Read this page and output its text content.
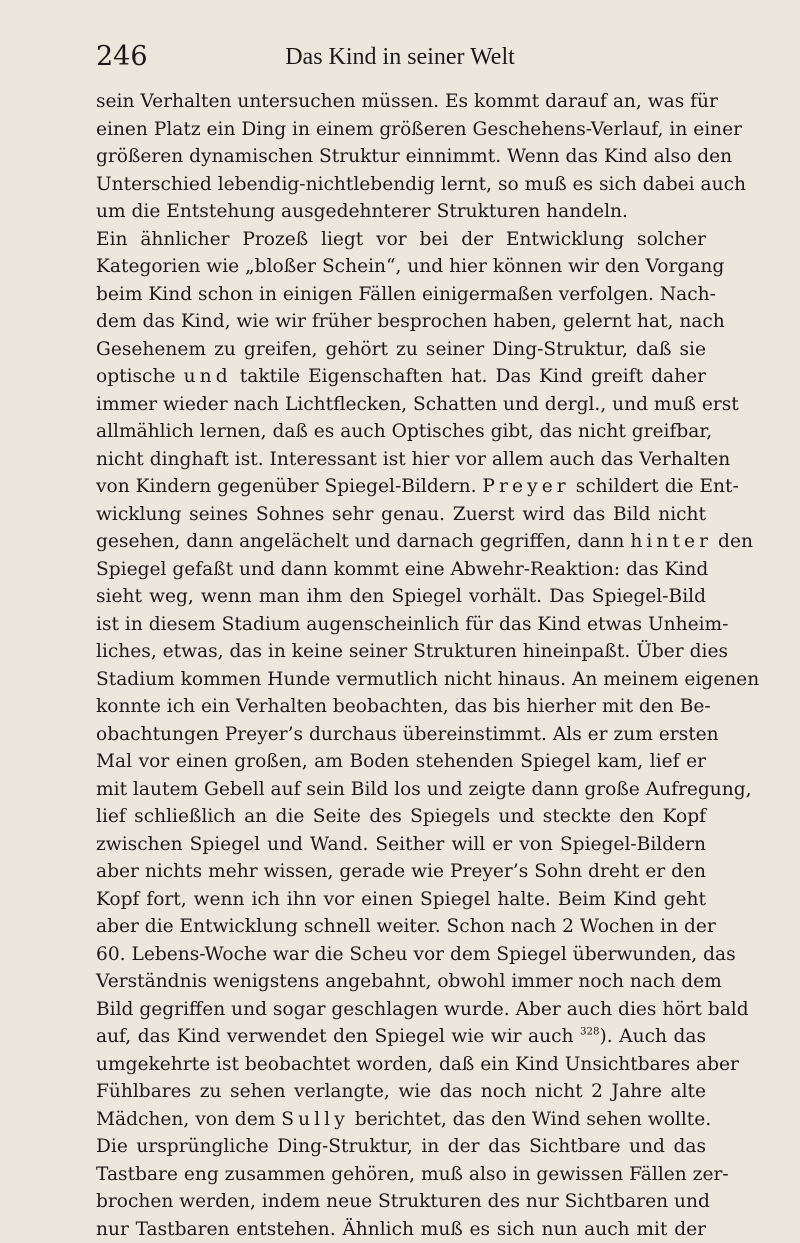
246	Das Kind in seiner Welt
sein Verhalten untersuchen müssen. Es kommt darauf an, was für
einen Platz ein Ding in einem größeren Geschehens-Verlauf, in einer
größeren dynamischen Struktur einnimmt. Wenn das Kind also den
Unterschied lebendig-nichtlebendig lernt, so muß es sich dabei auch
um die Entstehung ausgedehnterer Strukturen handeln.
Ein ähnlicher Prozeß liegt vor bei der Entwicklung solcher
Kategorien wie „bloßer Schein“, und hier können wir den Vorgang
beim Kind schon in einigen Fällen einigermaßen verfolgen. Nach-
dem das Kind, wie wir früher besprochen haben, gelernt hat, nach
Gesehenem zu greifen, gehört zu seiner Ding-Struktur, daß sie
optische und taktile Eigenschaften hat. Das Kind greift daher
immer wieder nach Lichtflecken, Schatten und dergl., und muß erst
allmählich lernen, daß es auch Optisches gibt, das nicht greifbar,
nicht dinghaft ist. Interessant ist hier vor allem auch das Verhalten
von Kindern gegenüber Spiegel-Bildern. Preyer schildert die Ent-
wicklung seines Sohnes sehr genau. Zuerst wird das Bild nicht
gesehen, dann angelächelt und darnach gegriffen, dann hinter den
Spiegel gefaßt und dann kommt eine Abwehr-Reaktion: das Kind
sieht weg, wenn man ihm den Spiegel vorhält. Das Spiegel-Bild
ist in diesem Stadium augenscheinlich für das Kind etwas Unheim-
liches, etwas, das in keine seiner Strukturen hineinpaßt. Über dies
Stadium kommen Hunde vermutlich nicht hinaus. An meinem eigenen
konnte ich ein Verhalten beobachten, das bis hierher mit den Be-
obachtungen Preyer’s durchaus übereinstimmt. Als er zum ersten
Mal vor einen großen, am Boden stehenden Spiegel kam, lief er
mit lautem Gebell auf sein Bild los und zeigte dann große Aufregung,
lief schließlich an die Seite des Spiegels und steckte den Kopf
zwischen Spiegel und Wand. Seither will er von Spiegel-Bildern
aber nichts mehr wissen, gerade wie Preyer’s Sohn dreht er den
Kopf fort, wenn ich ihn vor einen Spiegel halte. Beim Kind geht
aber die Entwicklung schnell weiter. Schon nach 2 Wochen in der
60. Lebens-Woche war die Scheu vor dem Spiegel überwunden, das
Verständnis wenigstens angebahnt, obwohl immer noch nach dem
Bild gegriffen und sogar geschlagen wurde. Aber auch dies hört bald
auf, das Kind verwendet den Spiegel wie wir auch $^{328}$). Auch das
umgekehrte ist beobachtet worden, daß ein Kind Unsichtbares aber
Fühlbares zu sehen verlangte, wie das noch nicht 2 Jahre alte
Mädchen, von dem Sully berichtet, das den Wind sehen wollte.
Die ursprüngliche Ding-Struktur, in der das Sichtbare und das
Tastbare eng zusammen gehören, muß also in gewissen Fällen zer-
brochen werden, indem neue Strukturen des nur Sichtbaren und
nur Tastbaren entstehen. Ähnlich muß es sich nun auch mit der
